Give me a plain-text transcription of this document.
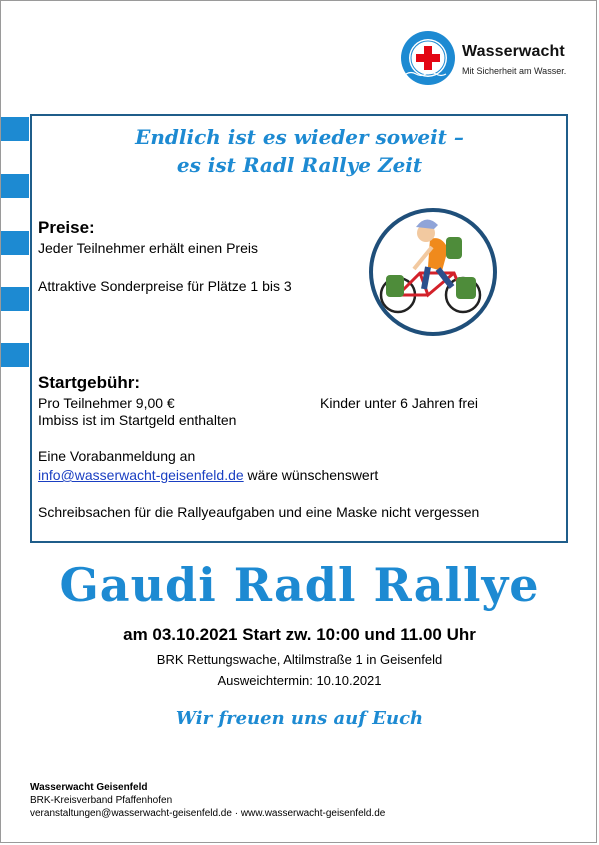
Wasserwacht
Mit Sicherheit am Wasser.
Endlich ist es wieder soweit –
es ist Radl Rallye Zeit
Preise:
Jeder Teilnehmer erhält einen Preis
Attraktive Sonderpreise für Plätze 1 bis 3
Startgebühr:
Pro Teilnehmer 9,00 €	Kinder unter 6 Jahren frei
Imbiss ist im Startgeld enthalten
Eine Vorabanmeldung an
info@wasserwacht-geisenfeld.de wäre wünschenswert
Schreibsachen für die Rallyeaufgaben und eine Maske nicht vergessen
Gaudi Radl Rallye
am 03.10.2021 Start zw. 10:00 und 11.00 Uhr
BRK Rettungswache, Altilmstraße 1 in Geisenfeld
Ausweichtermin: 10.10.2021
Wir freuen uns auf Euch
Wasserwacht Geisenfeld
BRK-Kreisverband Pfaffenhofen
veranstaltungen@wasserwacht-geisenfeld.de · www.wasserwacht-geisenfeld.de
